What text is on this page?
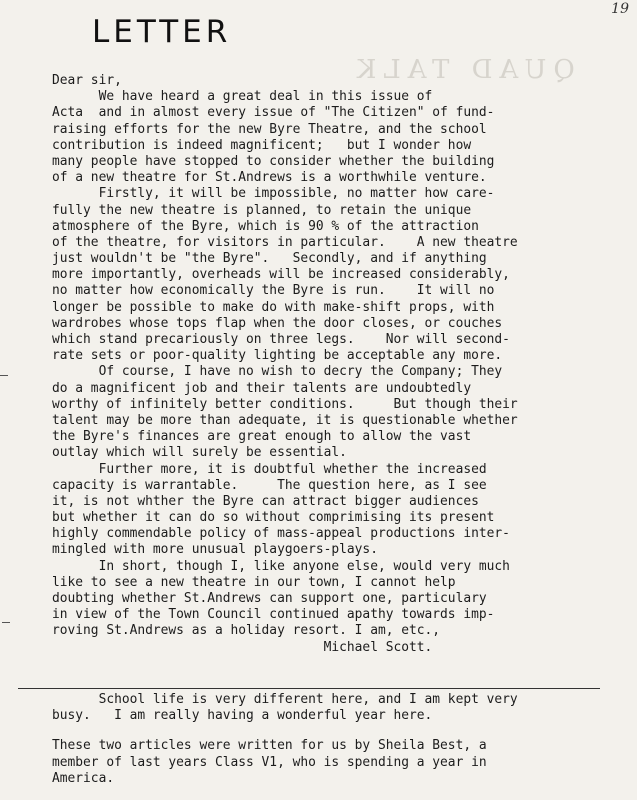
QUAD TALK
19
LETTER
Dear sir,
We have heard a great deal in this issue of
Acta  and in almost every issue of "The Citizen" of fund-
raising efforts for the new Byre Theatre, and the school
contribution is indeed magnificent;   but I wonder how
many people have stopped to consider whether the building
of a new theatre for St.Andrews is a worthwhile venture.
Firstly, it will be impossible, no matter how care-
fully the new theatre is planned, to retain the unique
atmosphere of the Byre, which is 90 % of the attraction
of the theatre, for visitors in particular.    A new theatre
just wouldn't be "the Byre".   Secondly, and if anything
more importantly, overheads will be increased considerably,
no matter how economically the Byre is run.    It will no
longer be possible to make do with make-shift props, with
wardrobes whose tops flap when the door closes, or couches
which stand precariously on three legs.    Nor will second-
rate sets or poor-quality lighting be acceptable any more.
Of course, I have no wish to decry the Company; They
do a magnificent job and their talents are undoubtedly
worthy of infinitely better conditions.     But though their
talent may be more than adequate, it is questionable whether
the Byre's finances are great enough to allow the vast
outlay which will surely be essential.
Further more, it is doubtful whether the increased
capacity is warrantable.     The question here, as I see
it, is not whther the Byre can attract bigger audiences
but whether it can do so without comprimising its present
highly commendable policy of mass-appeal productions inter-
mingled with more unusual playgoers-plays.
In short, though I, like anyone else, would very much
like to see a new theatre in our town, I cannot help
doubting whether St.Andrews can support one, particulary
in view of the Town Council continued apathy towards imp-
roving St.Andrews as a holiday resort. I am, etc.,
Michael Scott.
School life is very different here, and I am kept very
busy.   I am really having a wonderful year here.
These two articles were written for us by Sheila Best, a
member of last years Class V1, who is spending a year in
America.
